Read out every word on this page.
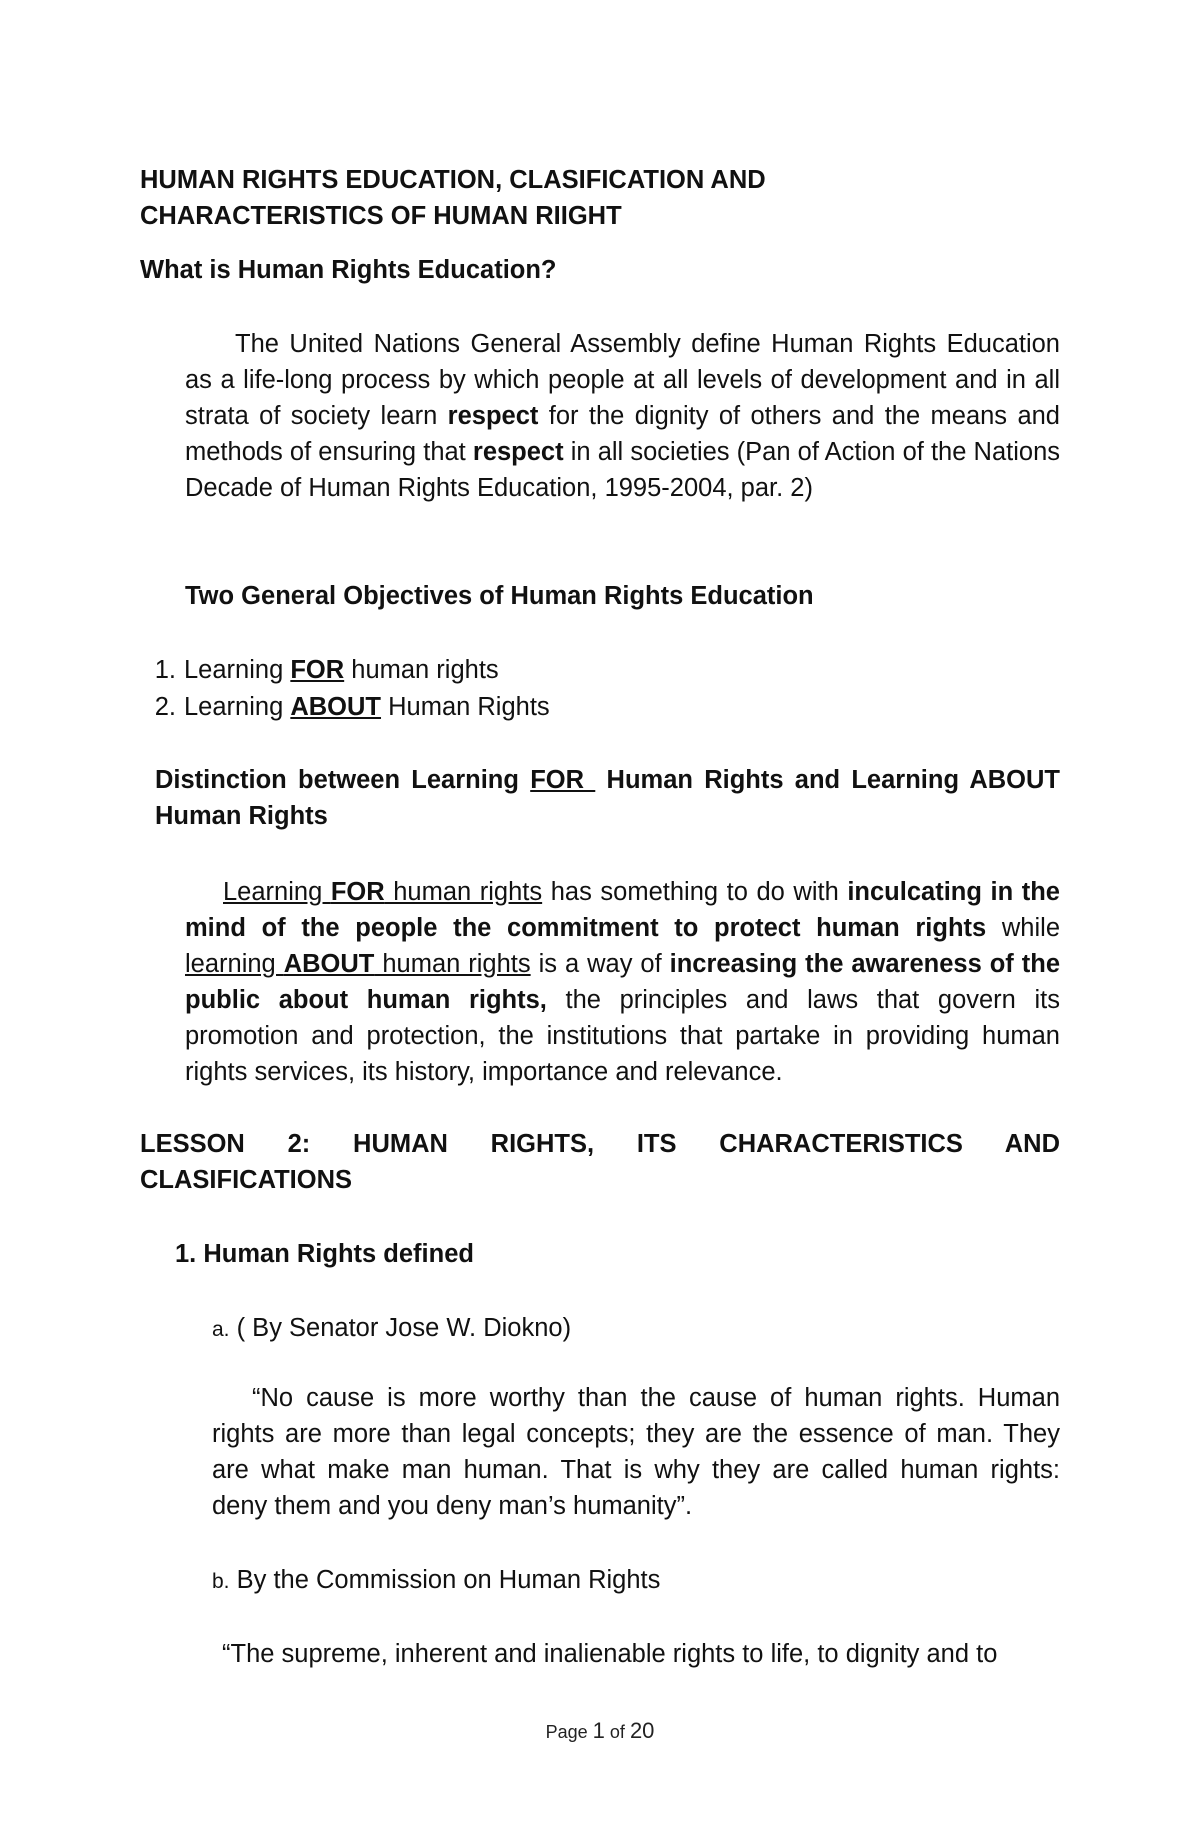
HUMAN RIGHTS EDUCATION, CLASIFICATION AND
CHARACTERISTICS OF HUMAN RIIGHT
What is Human Rights Education?

The United Nations General Assembly define Human Rights Education as a life-long process by which people at all levels of development and in all strata of society learn respect for the dignity of others and the means and methods of ensuring that respect in all societies (Pan of Action of the Nations Decade of Human Rights Education, 1995-2004, par. 2)

Two General Objectives of Human Rights Education
1. Learning FOR human rights
2. Learning ABOUT Human Rights

Distinction between Learning FOR  Human Rights and Learning ABOUT Human Rights

Learning FOR human rights has something to do with inculcating in the mind of the people the commitment to protect human rights while learning ABOUT human rights is a way of increasing the awareness of the public about human rights, the principles and laws that govern its promotion and protection, the institutions that partake in providing human rights services, its history, importance and relevance.

LESSON 2: HUMAN RIGHTS, ITS CHARACTERISTICS AND CLASIFICATIONS

1. Human Rights defined
a. ( By Senator Jose W. Diokno)

“No cause is more worthy than the cause of human rights. Human rights are more than legal concepts; they are the essence of man. They are what make man human. That is why they are called human rights: deny them and you deny man’s humanity”.

b. By the Commission on Human Rights
“The supreme, inherent and inalienable rights to life, to dignity and to
Page 1 of 20
